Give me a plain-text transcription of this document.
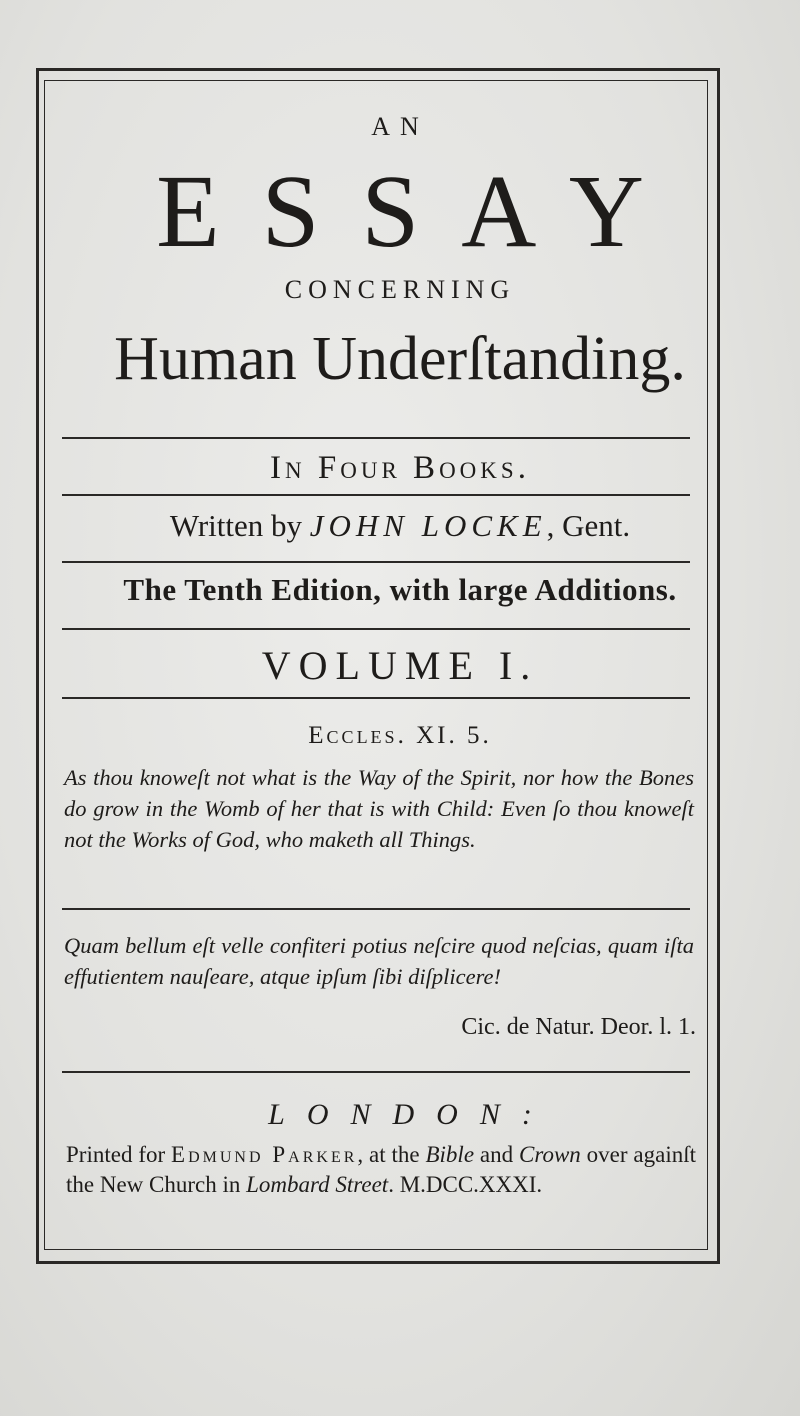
AN
ESSAY
CONCERNING
Human Underſtanding.
In Four Books.
Written by JOHN LOCKE, Gent.
The Tenth Edition, with large Additions.
VOLUME I.
Eccles. XI. 5.
As thou knoweſt not what is the Way of the Spirit, nor how the Bones do grow in the Womb of her that is with Child: Even ſo thou knoweſt not the Works of God, who maketh all Things.
Quam bellum eſt velle confiteri potius neſcire quod neſcias, quam iſta effutientem nauſeare, atque ipſum ſibi diſplicere!
Cic. de Natur. Deor. l. 1.
LONDON:
Printed for Edmund Parker, at the Bible and Crown over againſt the New Church in Lombard Street. M.DCC.XXXI.
